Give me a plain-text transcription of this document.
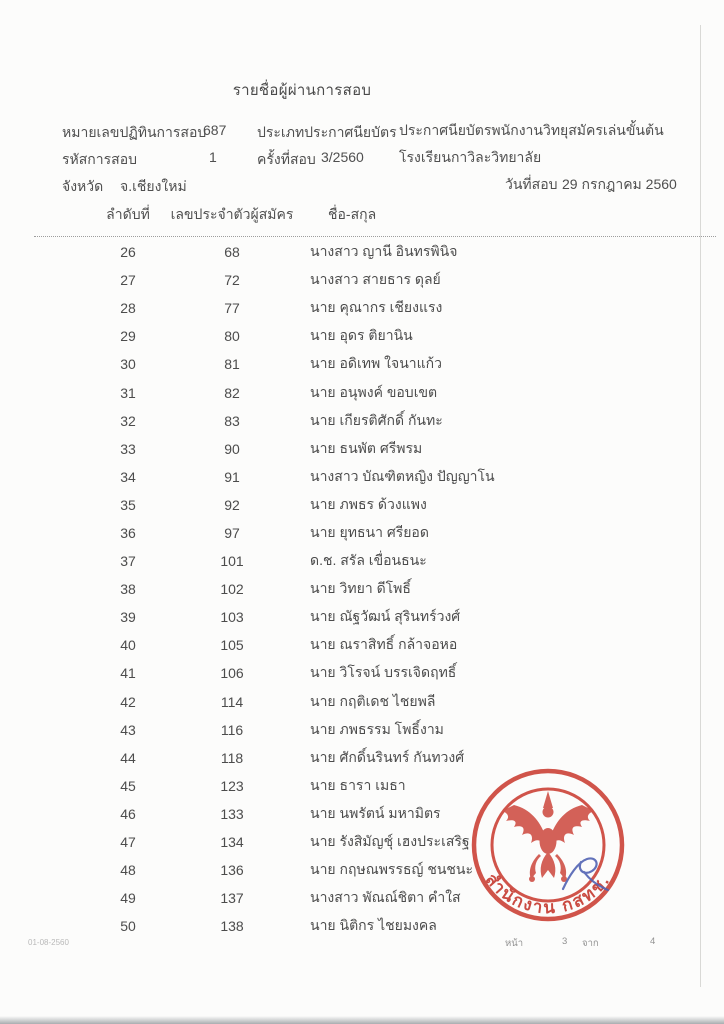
รายชื่อผู้ผ่านการสอบ
หมายเลขปฏิทินการสอบ
687 ประเภทประกาศนียบัตร ประกาศนียบัตรพนักงานวิทยุสมัครเล่นขั้นต้น
รหัสการสอบ	1	ครั้งที่สอบ 3/2560	โรงเรียนกาวิละวิทยาลัย
จังหวัด จ.เชียงใหม่	วันที่สอบ 29 กรกฎาคม 2560
ลำดับที่	เลขประจำตัวผู้สมัคร	ชื่อ-สกุล
26	68	นางสาว ญานี อินทรพินิจ
27	72	นางสาว สายธาร ดุลย์
28	77	นาย คุณากร เชียงแรง
29	80	นาย อุดร ติยานิน
30	81	นาย อดิเทพ ใจนาแก้ว
31	82	นาย อนุพงค์ ขอบเขต
32	83	นาย เกียรติศักดิ์ กันทะ
33	90	นาย ธนพัต ศรีพรม
34	91	นางสาว บัณฑิตหญิง ปัญญาโน
35	92	นาย ภพธร ด้วงแพง
36	97	นาย ยุทธนา ศรียอด
37	101	ด.ช. สรัล เขื่อนธนะ
38	102	นาย วิทยา ดีโพธิ์
39	103	นาย ณัฐวัฒน์ สุรินทร์วงศ์
40	105	นาย ณราสิทธิ์ กล้าจอหอ
41	106	นาย วิโรจน์ บรรเจิดฤทธิ์
42	114	นาย กฤติเดช ไชยพลี
43	116	นาย ภพธรรม โพธิ์งาม
44	118	นาย ศักดิ์นรินทร์ กันทวงศ์
45	123	นาย ธารา เมธา
46	133	นาย นพรัตน์ มหามิตร
47	134	นาย รังสิมัญชุ์ เฮงประเสริฐ
48	136	นาย กฤษณพรรธญ์ ชนชนะ
49	137	นางสาว พัณณ์ชิตา คำใส
50	138	นาย นิติกร ไชยมงคล
สำนักงาน กสทช.
01-08-2560	หน้า	3 จาก	4
